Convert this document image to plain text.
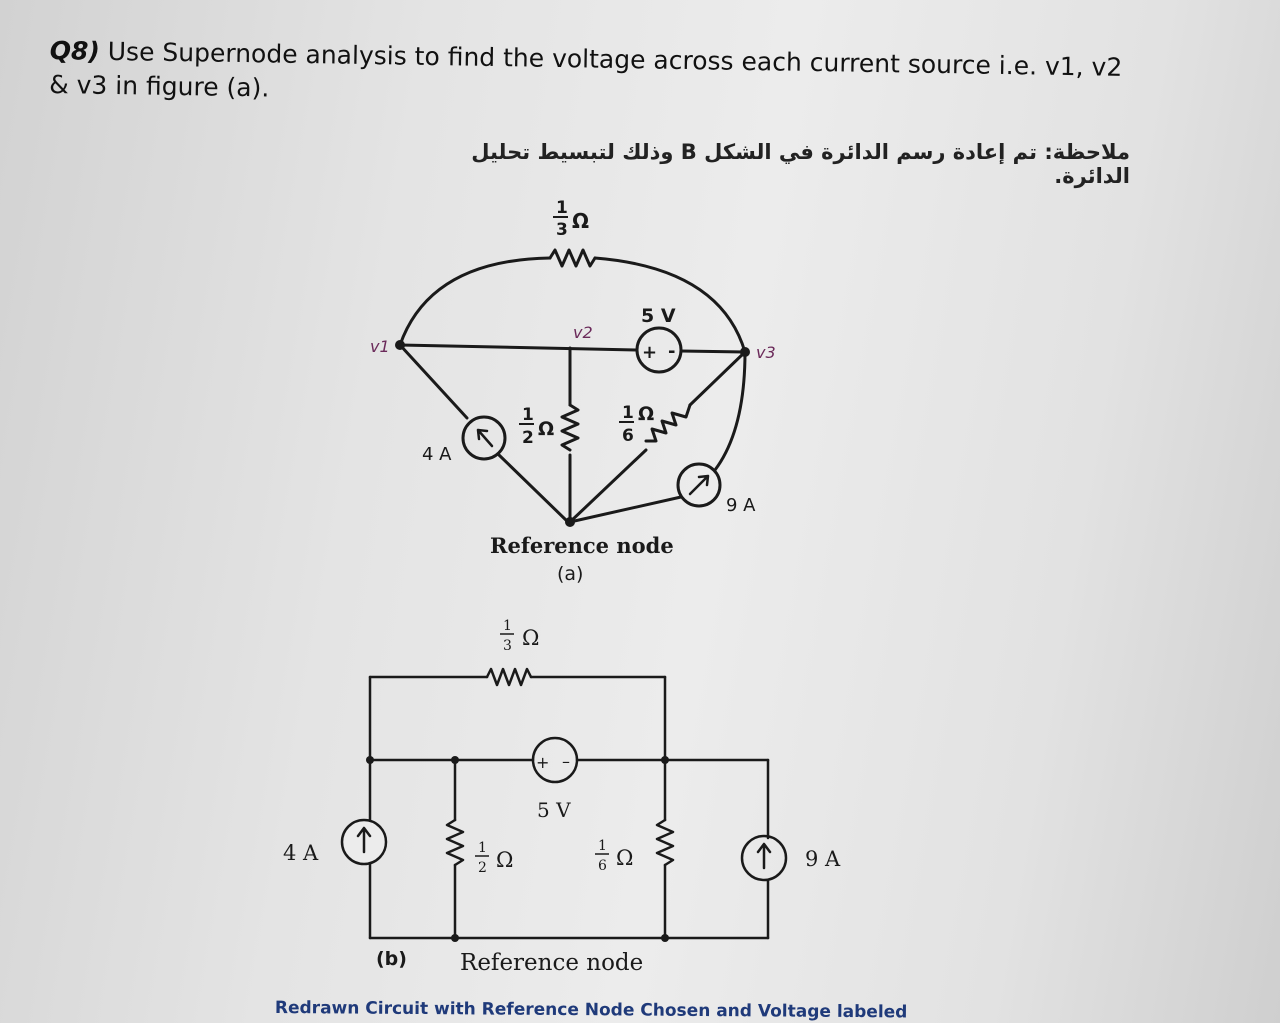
Q8) Use Supernode analysis to find the voltage across each current source i.e. v1, v2 & v3 in figure (a).
ملاحظة: تم إعادة رسم الدائرة في الشكل B وذلك لتبسيط تحليل الدائرة.
+ -
1
3
1
2
1
6
Ω
v1
v2
v3
5 V
Ω
Ω
4 A
9 A
Reference node
(a)
+ –
1
3
1
2
1
6
Ω
5 V
4 A	9 A
Ω	Ω
(b) Reference node
Redrawn Circuit with Reference Node Chosen and Voltage labeled
